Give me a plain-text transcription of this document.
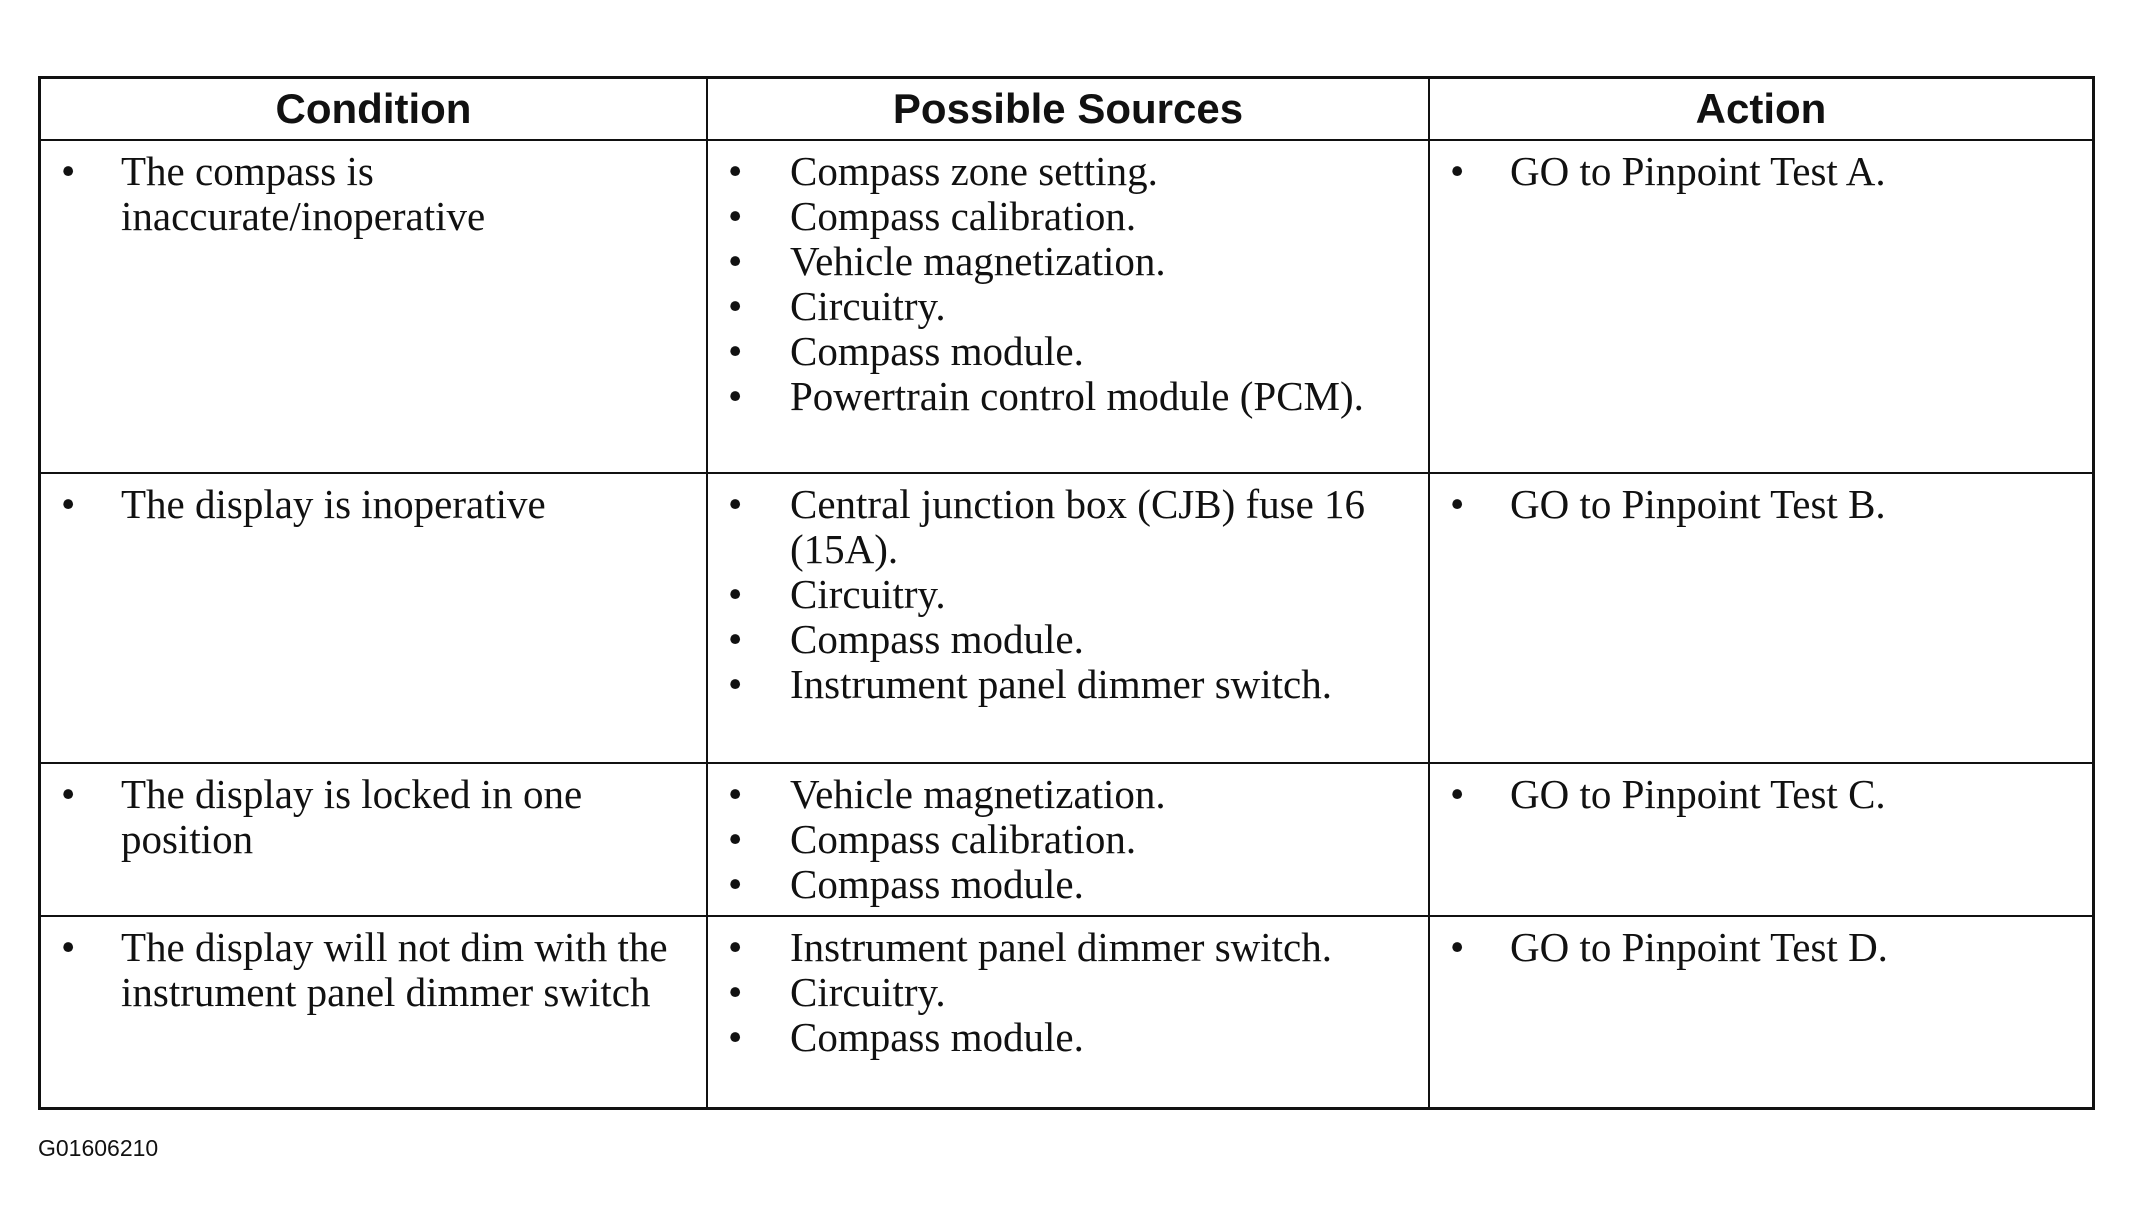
Condition	Possible Sources	Action
• The compass is inaccurate/inoperative
• Compass zone setting.
• Compass calibration.
• Vehicle magnetization.
• Circuitry.
• Compass module.
• Powertrain control module (PCM).
• GO to Pinpoint Test A.
• The display is inoperative
•	Central junction box (CJB) fuse 16 (15A).
• Circuitry.
• Compass module.
• Instrument panel dimmer switch.
• GO to Pinpoint Test B.
• The display is locked in one position
• Vehicle magnetization.
• Compass calibration.
• Compass module.
• GO to Pinpoint Test C.
• The display will not dim with the instrument panel dimmer switch
• Instrument panel dimmer switch.
• Circuitry.
• Compass module.
• GO to Pinpoint Test D.
G01606210
